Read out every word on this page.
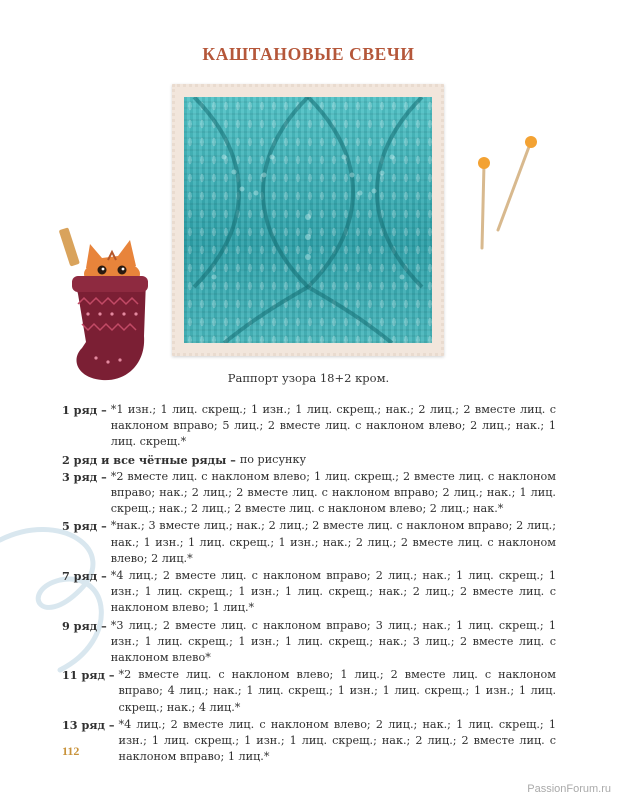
КАШТАНОВЫЕ СВЕЧИ
Раппорт узора 18+2 кром.
1 ряд – *1 изн.; 1 лиц. скрещ.; 1 изн.; 1 лиц. скрещ.; нак.; 2 лиц.; 2 вместе лиц. с наклоном вправо; 5 лиц.; 2 вместе лиц. с наклоном влево; 2 лиц.; нак.; 1 лиц. скрещ.*
2 ряд и все чётные ряды – по рисунку
3 ряд – *2 вместе лиц. с наклоном влево; 1 лиц. скрещ.; 2 вместе лиц. с наклоном вправо; нак.; 2 лиц.; 2 вместе лиц. с наклоном вправо; 2 лиц.; нак.; 1 лиц. скрещ.; нак.; 2 лиц.; 2 вместе лиц. с наклоном влево; 2 лиц.; нак.*
5 ряд – *нак.; 3 вместе лиц.; нак.; 2 лиц.; 2 вместе лиц. с наклоном вправо; 2 лиц.; нак.; 1 изн.; 1 лиц. скрещ.; 1 изн.; нак.; 2 лиц.; 2 вместе лиц. с наклоном влево; 2 лиц.*
7 ряд – *4 лиц.; 2 вместе лиц. с наклоном вправо; 2 лиц.; нак.; 1 лиц. скрещ.; 1 изн.; 1 лиц. скрещ.; 1 изн.; 1 лиц. скрещ.; нак.; 2 лиц.; 2 вместе лиц. с наклоном влево; 1 лиц.*
9 ряд – *3 лиц.; 2 вместе лиц. с наклоном вправо; 3 лиц.; нак.; 1 лиц. скрещ.; 1 изн.; 1 лиц. скрещ.; 1 изн.; 1 лиц. скрещ.; нак.; 3 лиц.; 2 вместе лиц. с наклоном влево*
11 ряд – *2 вместе лиц. с наклоном влево; 1 лиц.; 2 вместе лиц. с наклоном вправо; 4 лиц.; нак.; 1 лиц. скрещ.; 1 изн.; 1 лиц. скрещ.; 1 изн.; 1 лиц. скрещ.; нак.; 4 лиц.*
13 ряд – *4 лиц.; 2 вместе лиц. с наклоном влево; 2 лиц.; нак.; 1 лиц. скрещ.; 1 изн.; 1 лиц. скрещ.; 1 изн.; 1 лиц. скрещ.; нак.; 2 лиц.; 2 вместе лиц. с наклоном вправо; 1 лиц.*
112
PassionForum.ru
